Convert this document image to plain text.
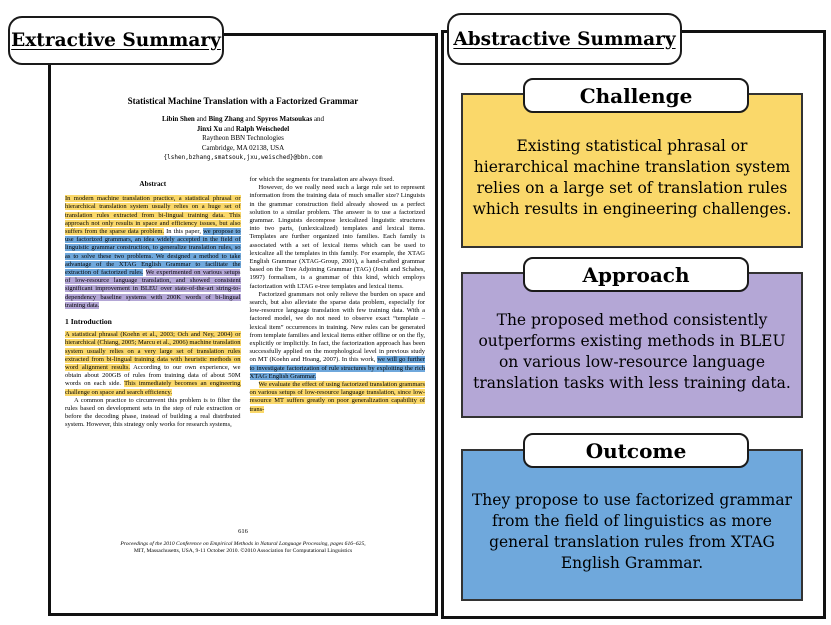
Extractive Summary
Statistical Machine Translation with a Factorized Grammar
Libin Shen and Bing Zhang and Spyros Matsoukas and
Jinxi Xu and Ralph Weischedel
Raytheon BBN Technologies
Cambridge, MA 02138, USA
{lshen,bzhang,smatsouk,jxu,weisched}@bbn.com
Abstract

In modern machine translation practice, a statistical phrasal or hierarchical translation system usually relies on a huge set of translation rules extracted from bi-lingual training data. This approach not only results in space and efficiency issues, but also suffers from the sparse data problem. In this paper, we propose to use factorized grammars, an idea widely accepted in the field of linguistic grammar construction, to generalize translation rules, so as to solve these two problems. We designed a method to take advantage of the XTAG English Grammar to facilitate the extraction of factorized rules. We experimented on various setups of low-resource language translation, and showed consistent significant improvement in BLEU over state-of-the-art string-to-dependency baseline systems with 200K words of bi-lingual training data.

1 Introduction

A statistical phrasal (Koehn et al., 2003; Och and Ney, 2004) or hierarchical (Chiang, 2005; Marcu et al., 2006) machine translation system usually relies on a very large set of translation rules extracted from bi-lingual training data with heuristic methods on word alignment results. According to our own experience, we obtain about 200GB of rules from training data of about 50M words on each side. This immediately becomes an engineering challenge on space and search efficiency.

A common practice to circumvent this problem is to filter the rules based on development sets in the step of rule extraction or before the decoding phase, instead of building a real distributed system. However, this strategy only works for research systems,

for which the segments for translation are always fixed.

However, do we really need such a large rule set to represent information from the training data of much smaller size? Linguists in the grammar construction field already showed us a perfect solution to a similar problem. The answer is to use a factorized grammar. Linguists decompose lexicalized linguistic structures into two parts, (unlexicalized) templates and lexical items. Templates are further organized into families. Each family is associated with a set of lexical items which can be used to lexicalize all the templates in this family. For example, the XTAG English Grammar (XTAG-Group, 2001), a hand-crafted grammar based on the Tree Adjoining Grammar (TAG) (Joshi and Schabes, 1997) formalism, is a grammar of this kind, which employs factorization with LTAG e-tree templates and lexical items.

Factorized grammars not only relieve the burden on space and search, but also alleviate the sparse data problem, especially for low-resource language translation with few training data. With a factored model, we do not need to observe exact “template – lexical item” occurrences in training. New rules can be generated from template families and lexical items either offline or on the fly, explicitly or implicitly. In fact, the factorization approach has been successfully applied on the morphological level in previous study on MT (Koehn and Hoang, 2007). In this work, we will go further to investigate factorization of rule structures by exploiting the rich XTAG English Grammar.

We evaluate the effect of using factorized translation grammars on various setups of low-resource language translation, since low-resource MT suffers greatly on poor generalization capability of trans-

616
Proceedings of the 2010 Conference on Empirical Methods in Natural Language Processing, pages 616–625,
MIT, Massachusetts, USA, 9-11 October 2010. ©2010 Association for Computational Linguistics
Abstractive Summary
Challenge
Existing statistical phrasal or hierarchical machine translation system relies on a large set of translation rules which results in engineering challenges.
Approach
The proposed method consistently outperforms existing methods in BLEU on various low-resource language translation tasks with less training data.
Outcome
They propose to use factorized grammar from the field of linguistics as more general translation rules from XTAG English Grammar.
